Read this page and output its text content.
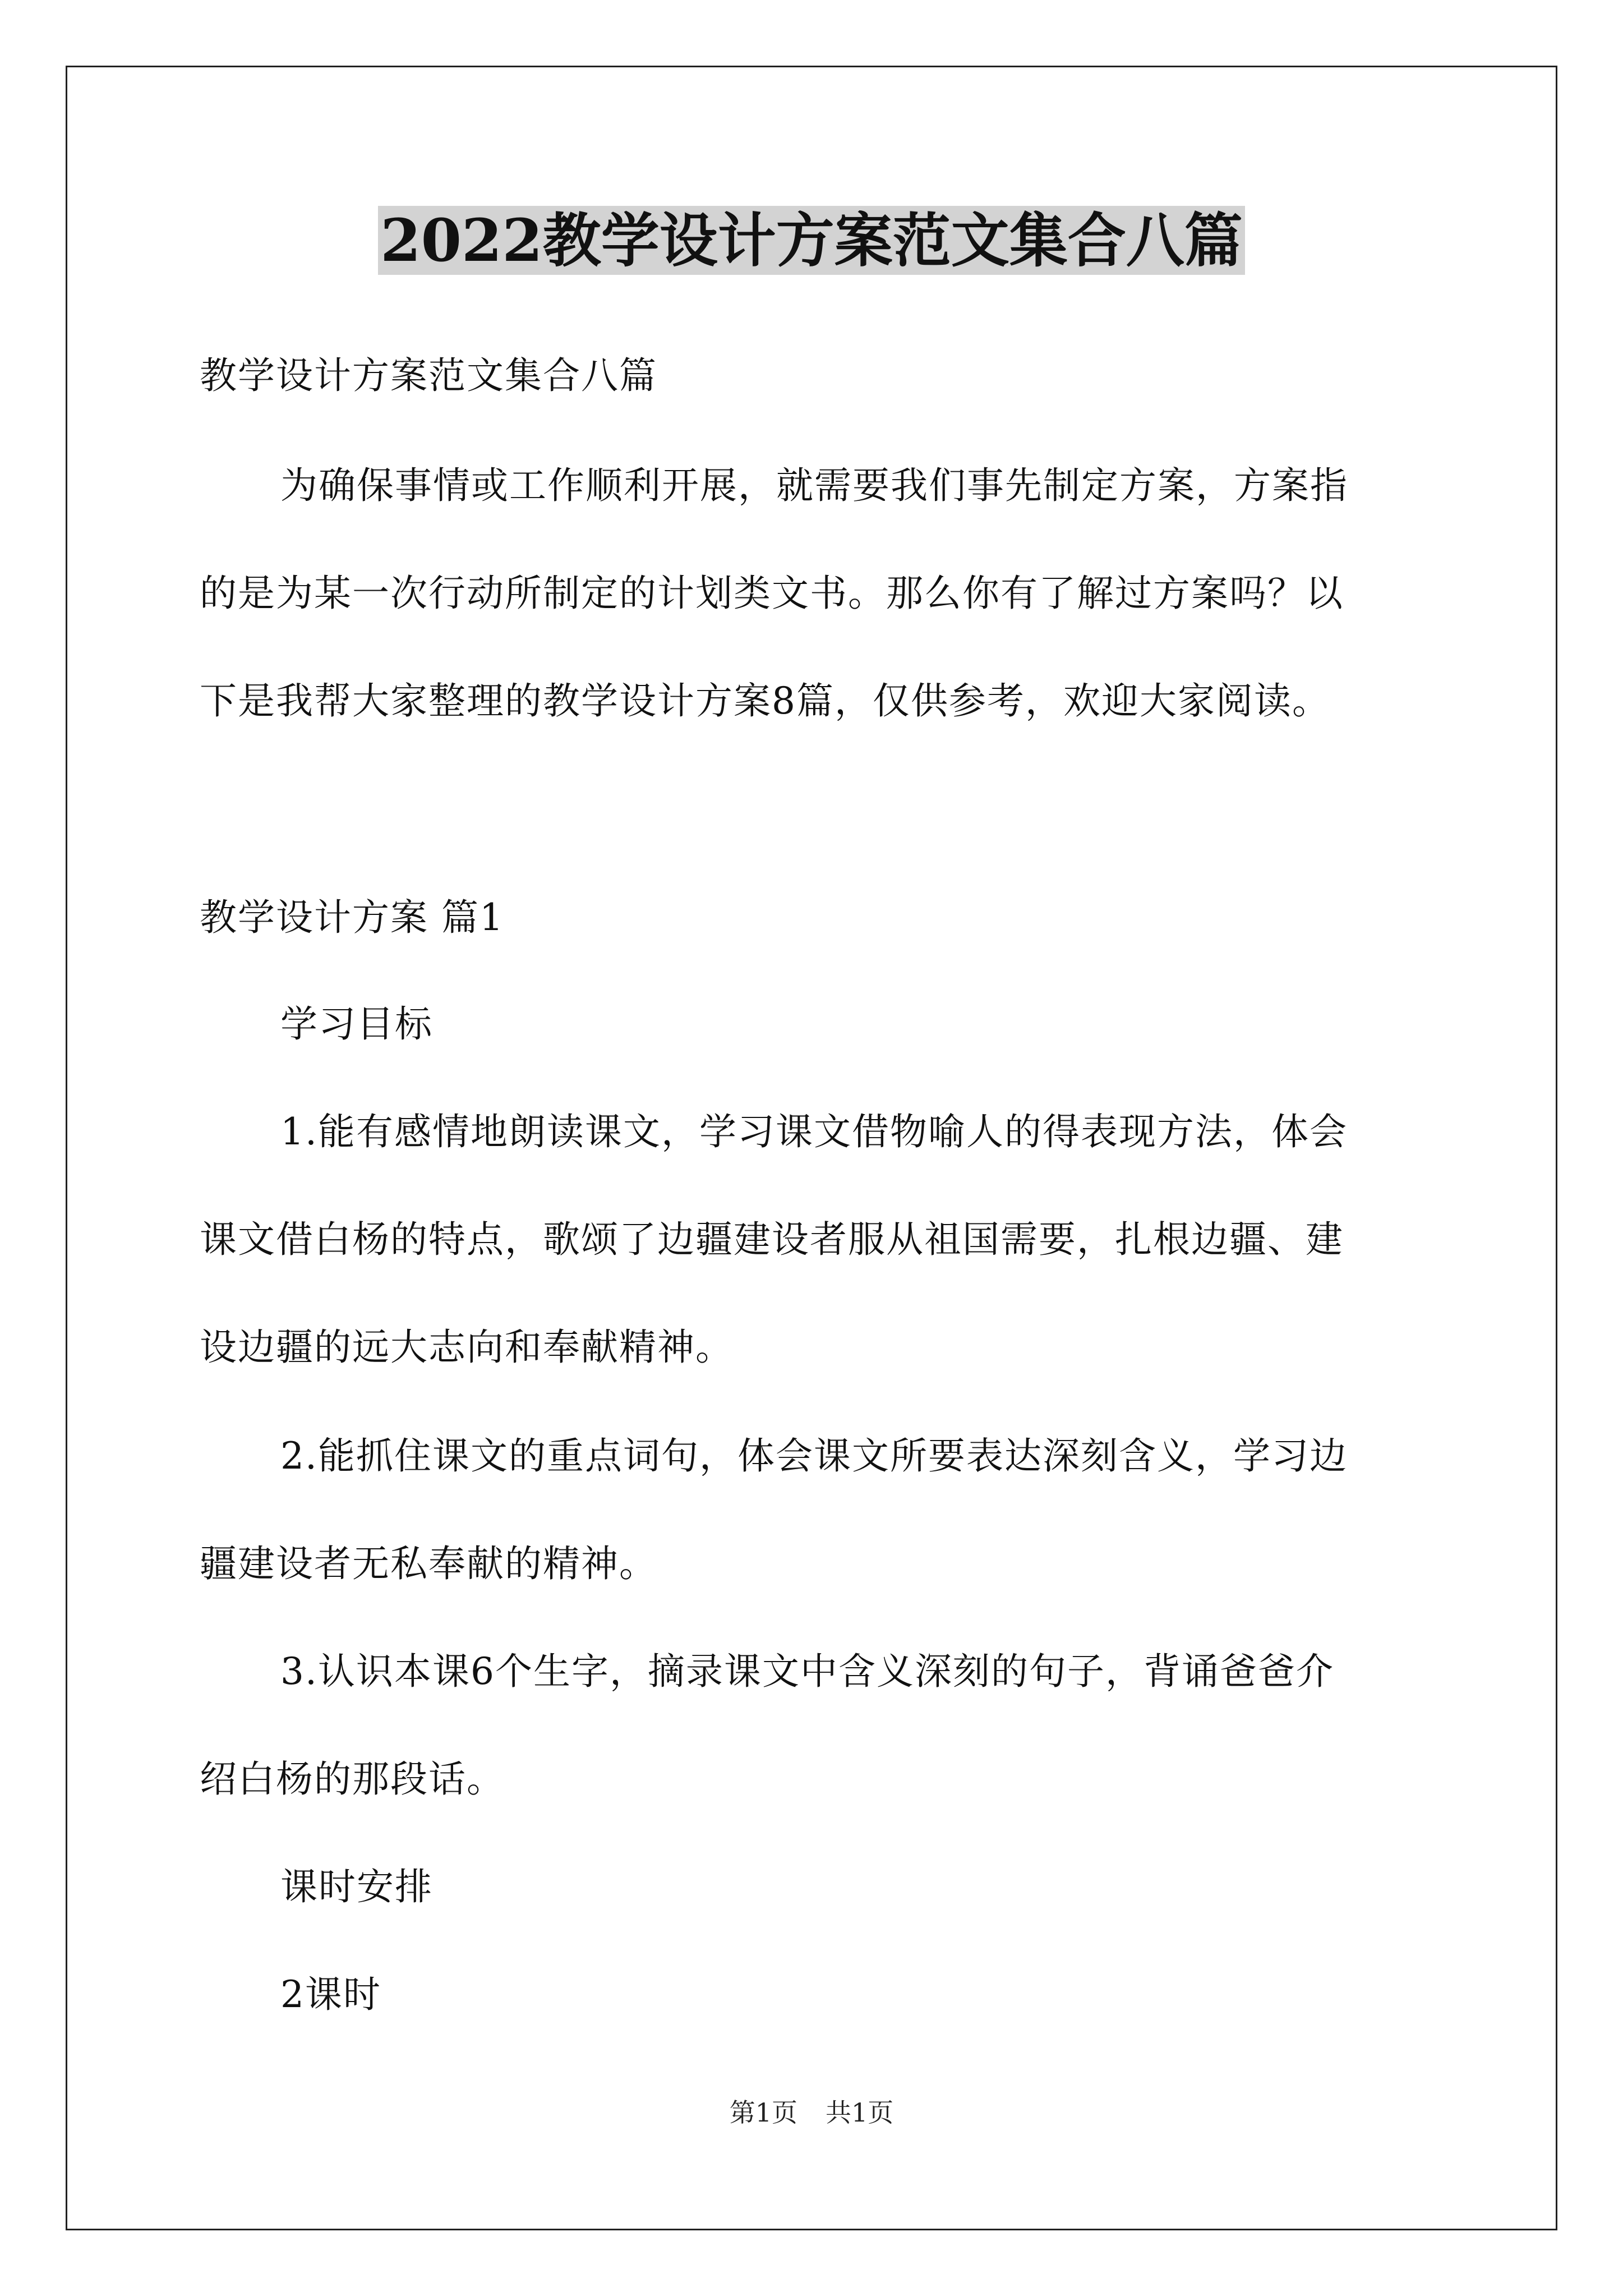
2022教学设计方案范文集合八篇
教学设计方案范文集合八篇
为确保事情或工作顺利开展，就需要我们事先制定方案，方案指
的是为某一次行动所制定的计划类文书。那么你有了解过方案吗？以
下是我帮大家整理的教学设计方案8篇，仅供参考，欢迎大家阅读。
教学设计方案 篇1
学习目标
1.能有感情地朗读课文，学习课文借物喻人的得表现方法，体会
课文借白杨的特点，歌颂了边疆建设者服从祖国需要，扎根边疆、建
设边疆的远大志向和奉献精神。
2.能抓住课文的重点词句，体会课文所要表达深刻含义，学习边
疆建设者无私奉献的精神。
3.认识本课6个生字，摘录课文中含义深刻的句子，背诵爸爸介
绍白杨的那段话。
课时安排
2课时
第1页 共1页
